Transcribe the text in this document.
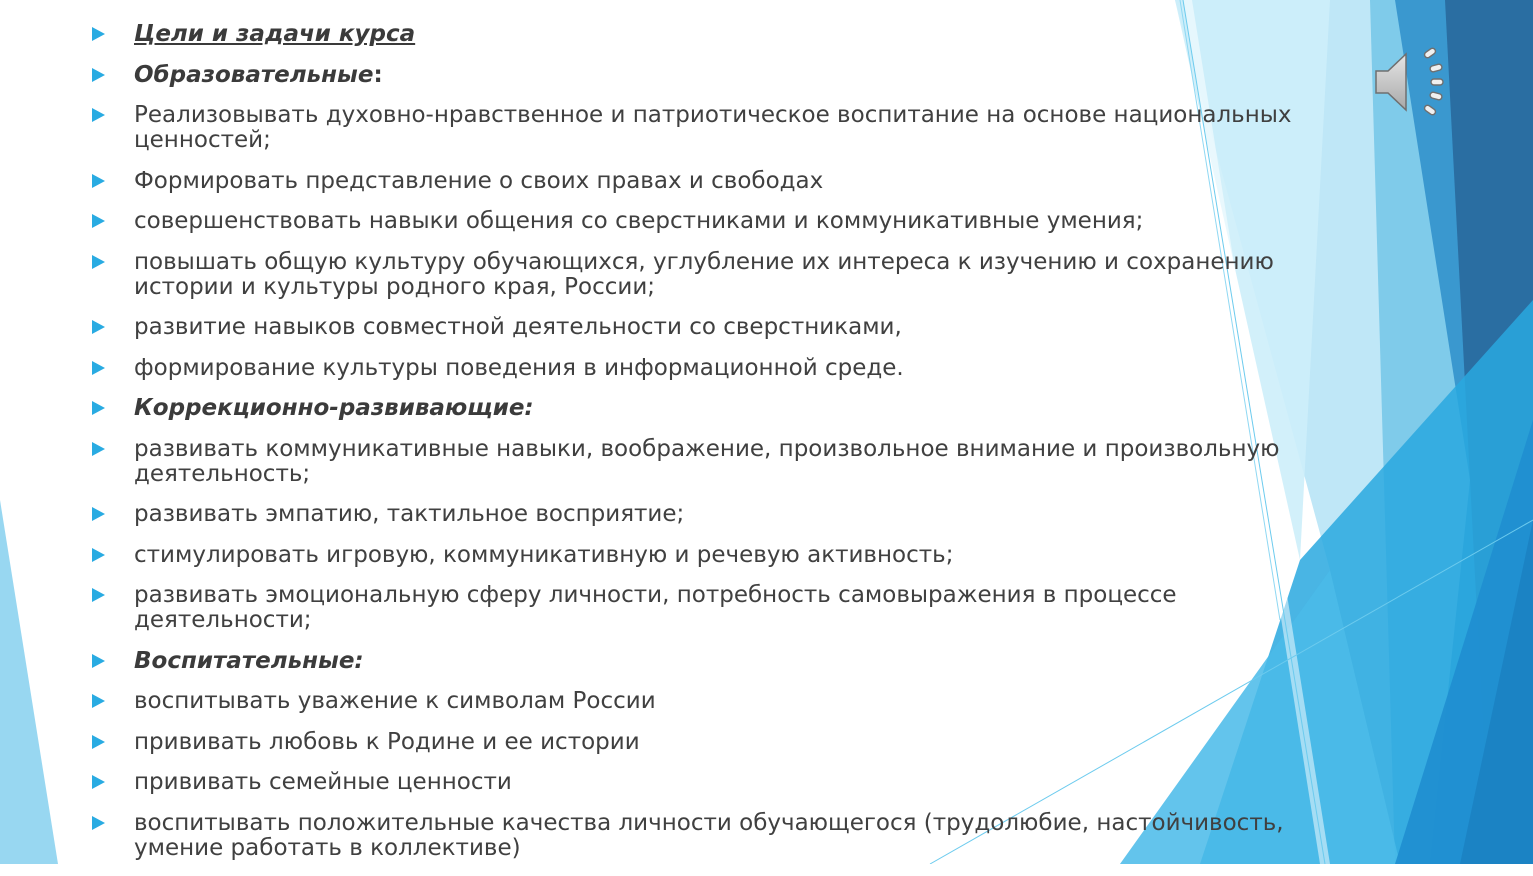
Цели и задачи курса
Образовательные:
Реализовывать духовно-нравственное и патриотическое воспитание на основе национальных ценностей;
Формировать представление о своих правах и свободах
совершенствовать навыки общения со сверстниками и коммуникативные умения;
повышать общую культуру обучающихся, углубление их интереса к изучению и сохранению истории и культуры родного края, России;
развитие навыков совместной деятельности со сверстниками,
формирование культуры поведения в информационной среде.
Коррекционно-развивающие:
развивать коммуникативные навыки, воображение, произвольное внимание и произвольную деятельность;
развивать эмпатию, тактильное восприятие;
стимулировать игровую, коммуникативную и речевую активность;
развивать эмоциональную сферу личности, потребность самовыражения в процессе деятельности;
Воспитательные:
воспитывать уважение к символам России
прививать любовь к Родине и ее истории
прививать семейные ценности
воспитывать положительные качества личности обучающегося (трудолюбие, настойчивость, умение работать в коллективе)
